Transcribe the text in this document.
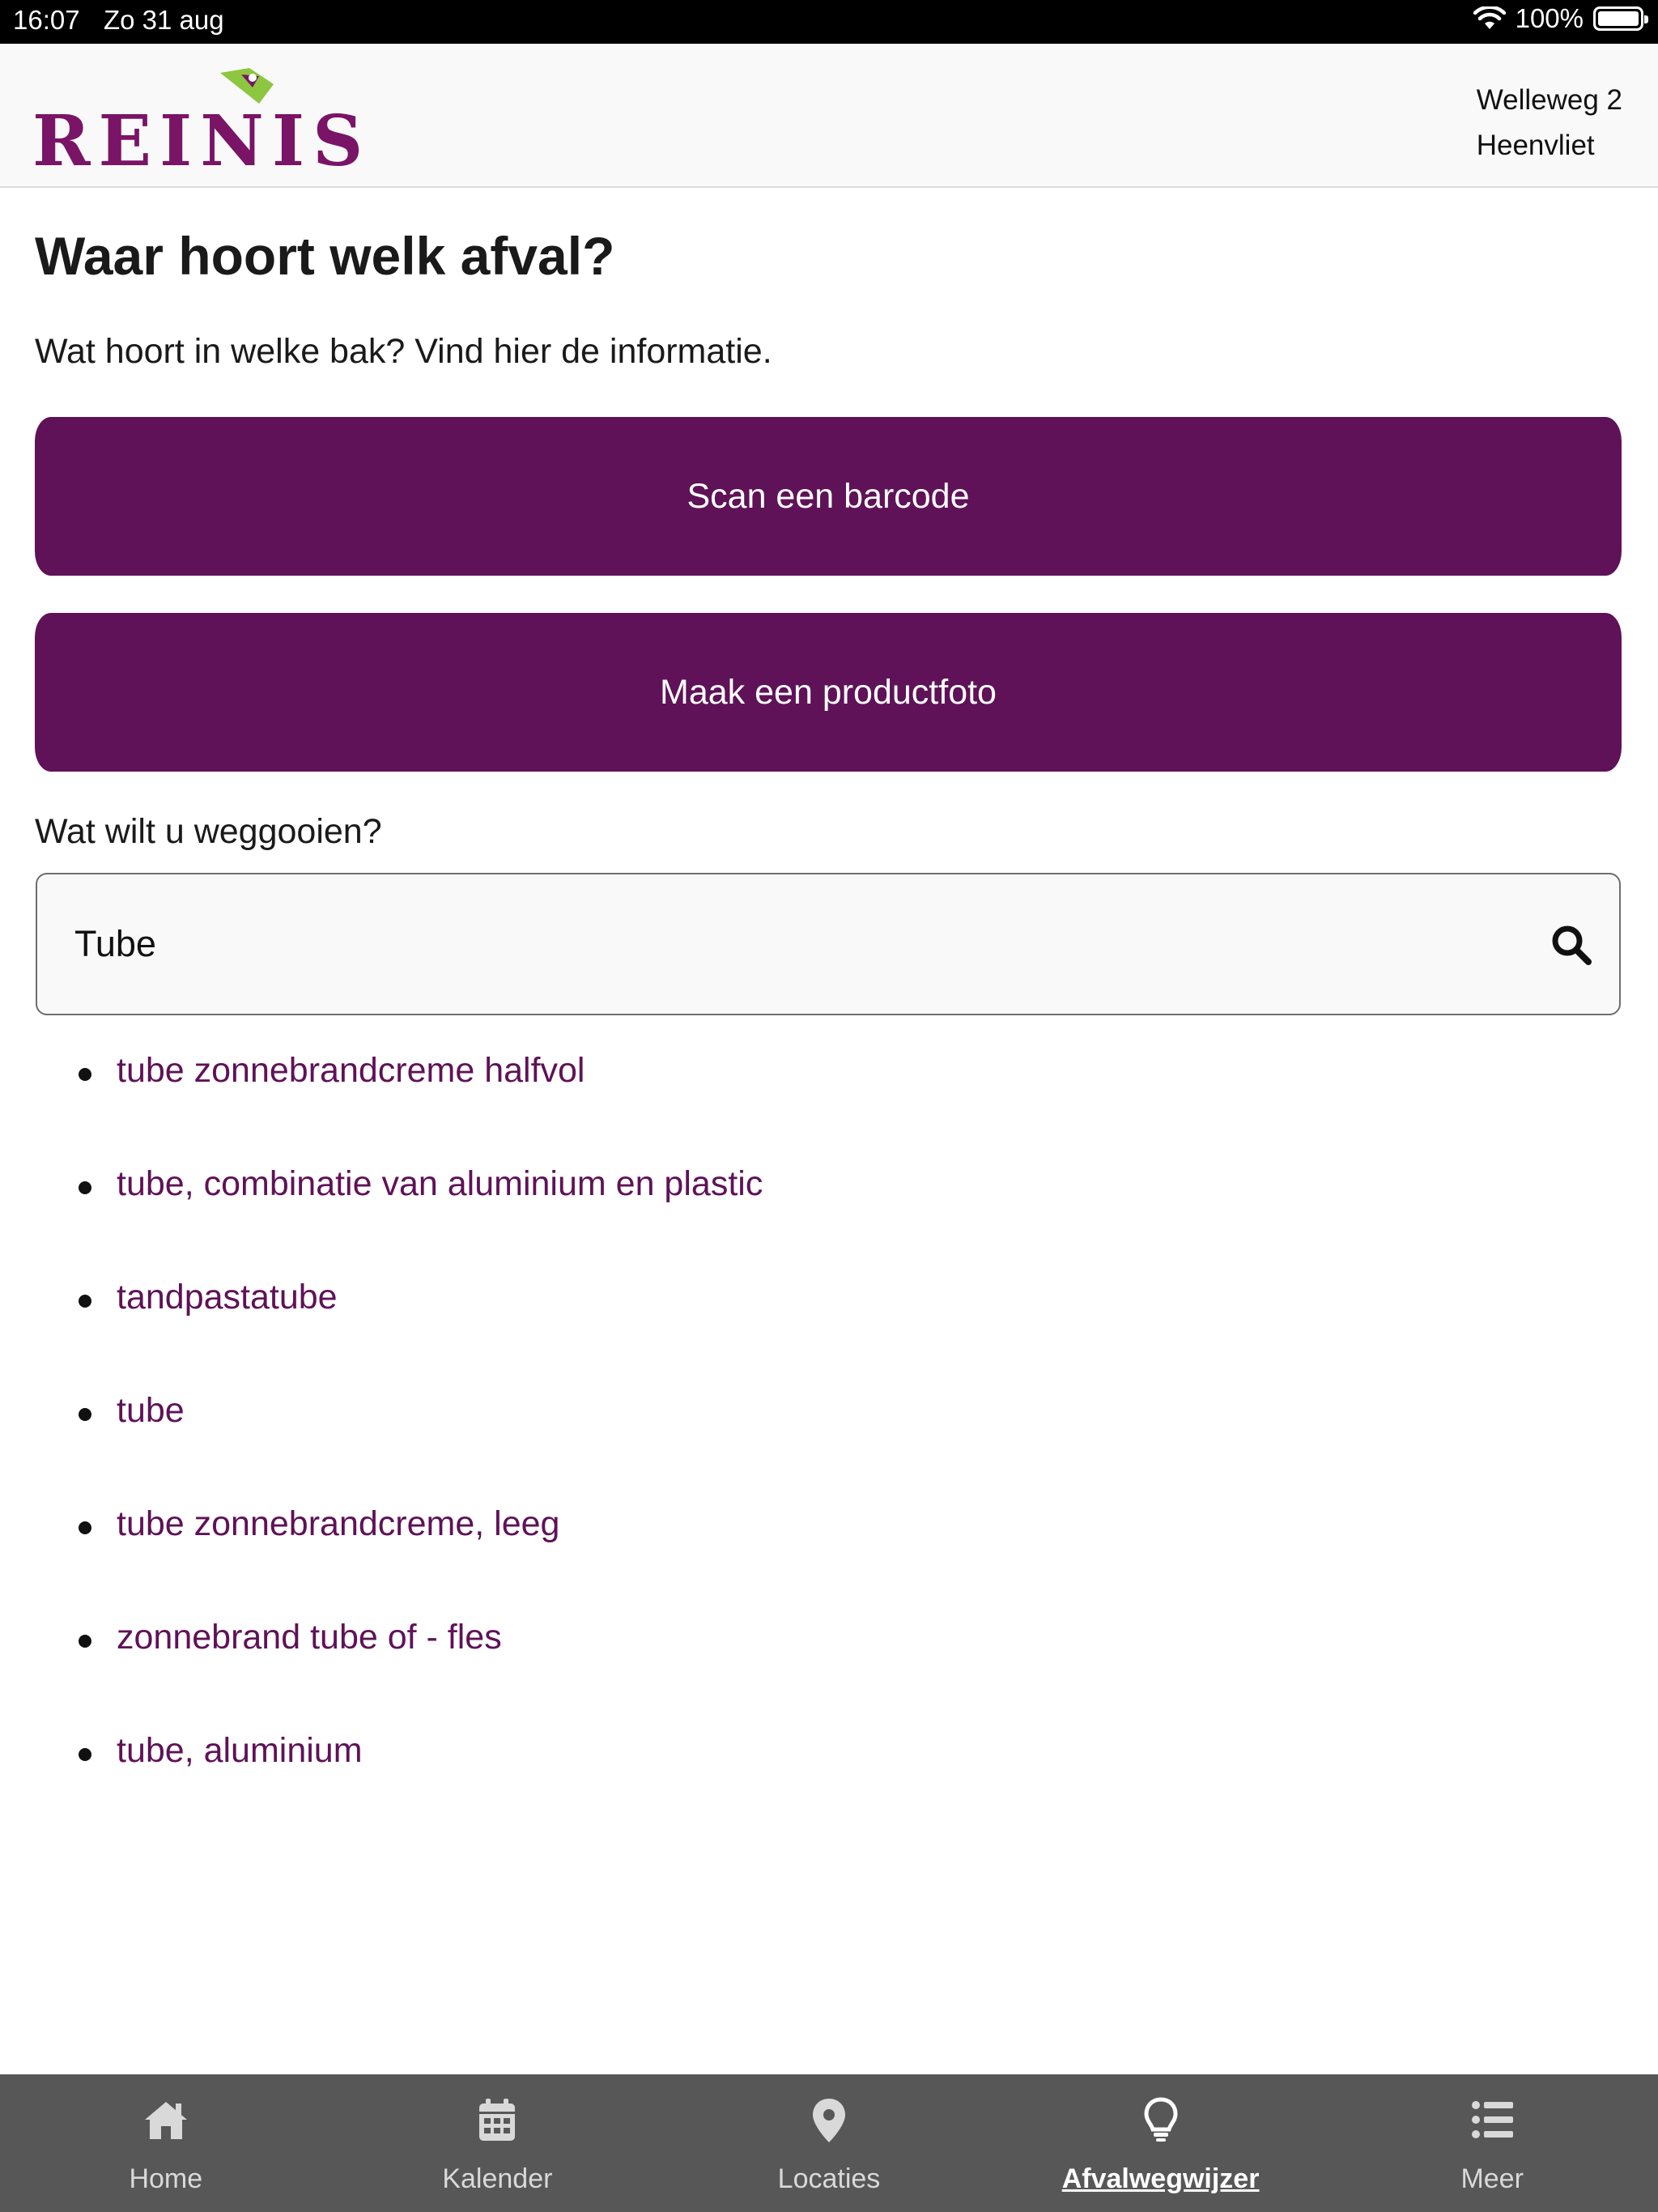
16:07 Zo 31 aug	100%
REINIS
Welleweg 2
Heenvliet
Waar hoort welk afval?

Wat hoort in welke bak? Vind hier de informatie.

Scan een barcode
Maak een productfoto

Wat wilt u weggooien?

Tube
tube zonnebrandcreme halfvol
tube, combinatie van aluminium en plastic
tandpastatube
tube
tube zonnebrandcreme, leeg
zonnebrand tube of - fles
tube, aluminium
Home	Kalender	Locaties	Afvalwegwijzer	Meer
